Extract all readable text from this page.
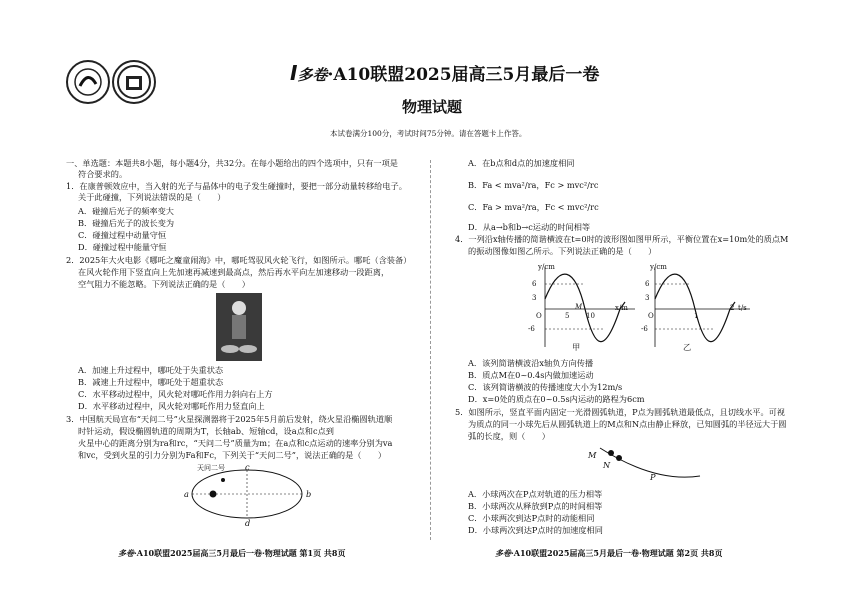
I多卷·A10联盟2025届高三5月最后一卷
物理试题
本试卷满分100分，考试时间75分钟。请在答题卡上作答。
一、单选题：本题共8小题，每小题4分，共32分。在每小题给出的四个选项中，只有一项是
符合要求的。
1．在康普顿效应中，当入射的光子与晶体中的电子发生碰撞时，要把一部分动量转移给电子。
关于此碰撞，下列说法错误的是（　　）
A．碰撞后光子的频率变大
B．碰撞后光子的波长变为
C．碰撞过程中动量守恒
D．碰撞过程中能量守恒
2．2025年大火电影《哪吒之魔童闹海》中，哪吒驾驭风火轮飞行，如图所示。哪吒（含装备）
在风火轮作用下竖直向上先加速再减速到最高点，然后再水平向左加速移动一段距离，
空气阻力不能忽略。下列说法正确的是（　　）
A．加速上升过程中，哪吒处于失重状态
B．减速上升过程中，哪吒处于超重状态
C．水平移动过程中，风火轮对哪吒作用力斜向右上方
D．水平移动过程中，风火轮对哪吒作用力竖直向上
3．中国航天局宣布“天问二号”火星探测器将于2025年5月前后发射，绕火星沿椭圆轨道顺
时针运动，假设椭圆轨道的周期为T，长轴ab、短轴cd，设a点和c点到
火星中心的距离分别为ra和rc，“天问二号”质量为m；在a点和c点运动的速率分别为va
和vc，受到火星的引力分别为Fa和Fc，下列关于“天问二号”，说法正确的是（　　）
天问二号
a	b
c
d
A．在b点和d点的加速度相同
B．Fa < mva²/ra，Fc > mvc²/rc
C．Fa > mva²/ra，Fc < mvc²/rc
D．从a→b和b→c运动的时间相等
4．一列沿x轴传播的简谐横波在t=0时的波形图如图甲所示，平衡位置在x=10m处的质点M
的振动图像如图乙所示。下列说法正确的是（　　）
y/cm
x/m
6
3
-6
O	5 10
M
甲
y/cm
t/s
6
3
-6
O	1
2
乙
A．该列简谐横波沿x轴负方向传播
B．质点M在0~0.4s内做加速运动
C．该列简谐横波的传播速度大小为12m/s
D．x=0处的质点在0~0.5s内运动的路程为6cm
5．如图所示，竖直平面内固定一光滑圆弧轨道，P点为圆弧轨道最低点，且切线水平。可视
为质点的同一小球先后从圆弧轨道上的M点和N点由静止释放，已知圆弧的半径远大于圆
弧的长度，则（　　）
M
N
P
A．小球两次在P点对轨道的压力相等
B．小球两次从释放到P点的时间相等
C．小球两次到达P点时的动能相同
D．小球两次到达P点时的加速度相同
多卷·A10联盟2025届高三5月最后一卷·物理试题 第1页 共8页	多卷·A10联盟2025届高三5月最后一卷·物理试题 第2页 共8页
